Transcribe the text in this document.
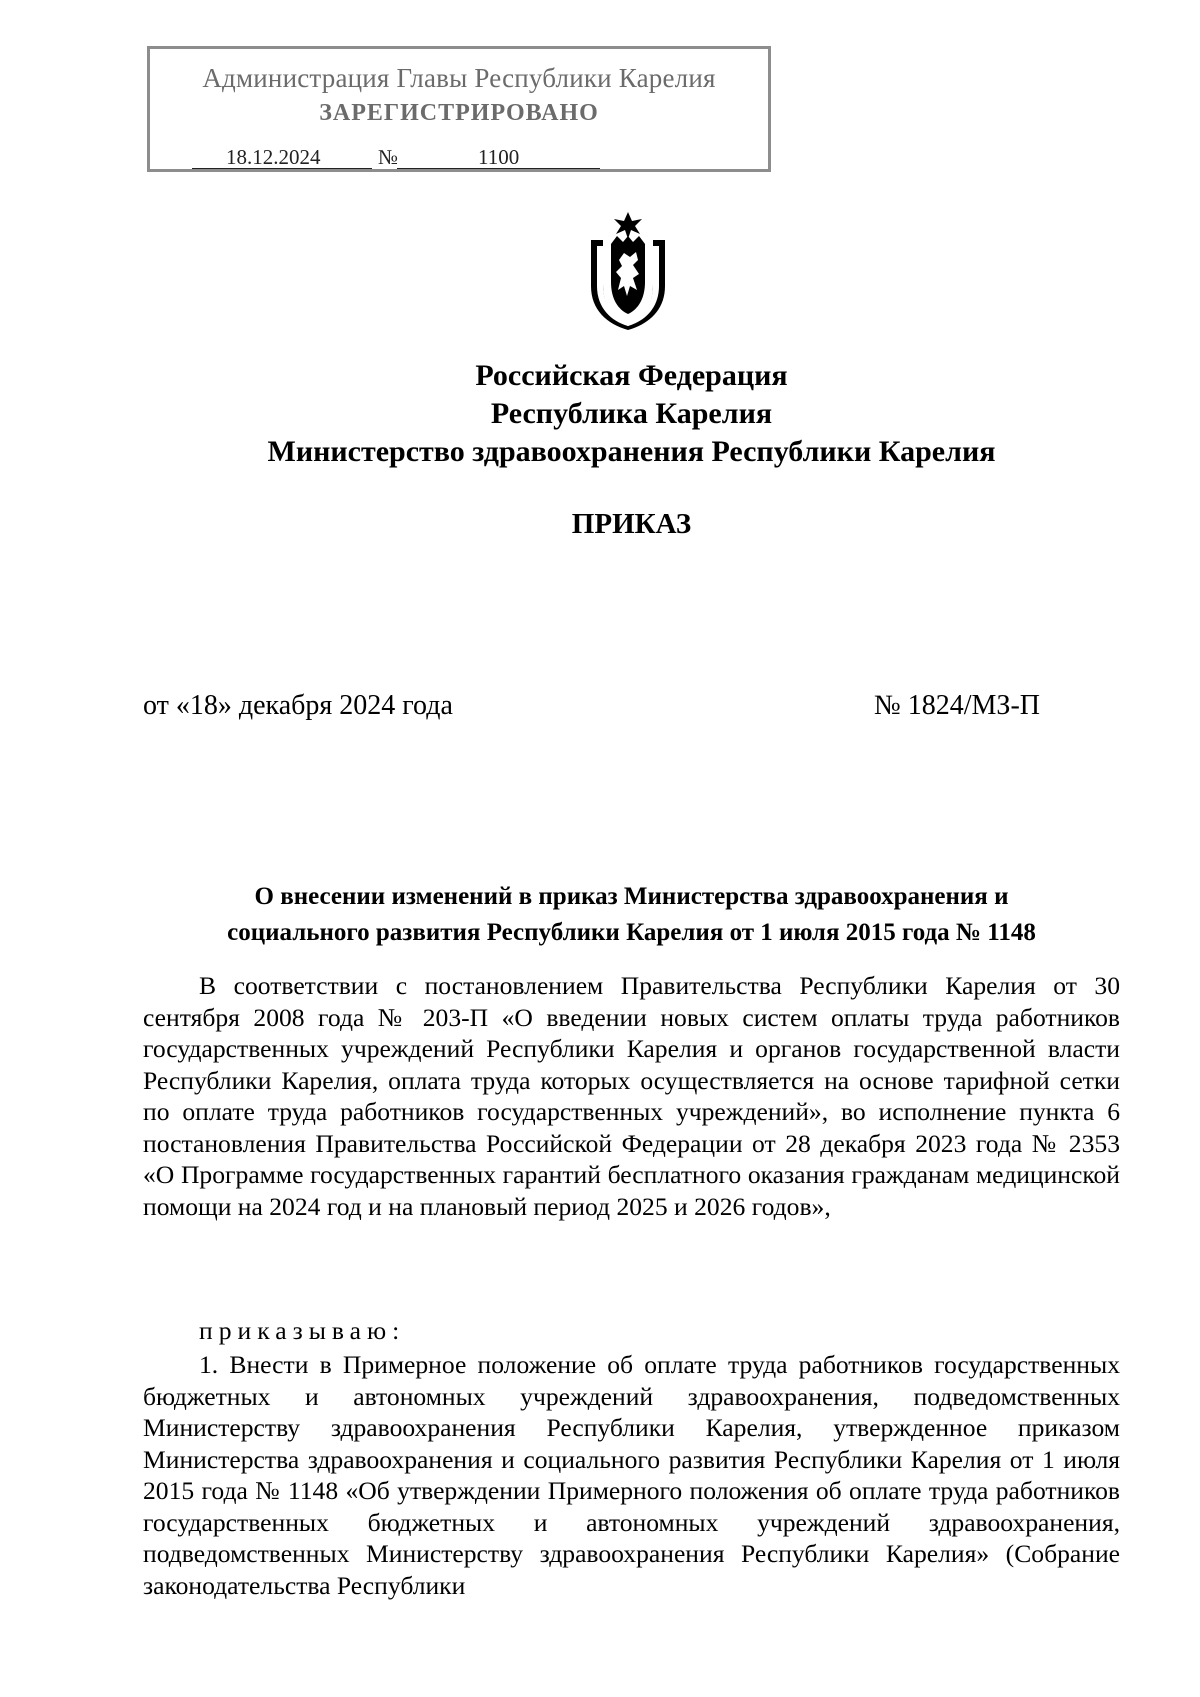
Администрация Главы Республики Карелия
ЗАРЕГИСТРИРОВАНО
18.12.2024	№	1100
Российская Федерация
Республика Карелия
Министерство здравоохранения Республики Карелия
ПРИКАЗ
от «18» декабря 2024 года	№ 1824/МЗ-П
О внесении изменений в приказ Министерства здравоохранения и
социального развития Республики Карелия от 1 июля 2015 года № 1148
В соответствии с постановлением Правительства Республики Карелия от 30 сентября 2008 года № 203-П «О введении новых систем оплаты труда работников государственных учреждений Республики Карелия и органов государственной власти Республики Карелия, оплата труда которых осуществляется на основе тарифной сетки по оплате труда работников государственных учреждений», во исполнение пункта 6 постановления Правительства Российской Федерации от 28 декабря 2023 года № 2353 «О Программе государственных гарантий бесплатного оказания гражданам медицинской помощи на 2024 год и на плановый период 2025 и 2026 годов»,
приказываю:
1. Внести в Примерное положение об оплате труда работников государственных бюджетных и автономных учреждений здравоохранения, подведомственных Министерству здравоохранения Республики Карелия, утвержденное приказом Министерства здравоохранения и социального развития Республики Карелия от 1 июля 2015 года № 1148 «Об утверждении Примерного положения об оплате труда работников государственных бюджетных и автономных учреждений здравоохранения, подведомственных Министерству здравоохранения Республики Карелия» (Собрание законодательства Республики
